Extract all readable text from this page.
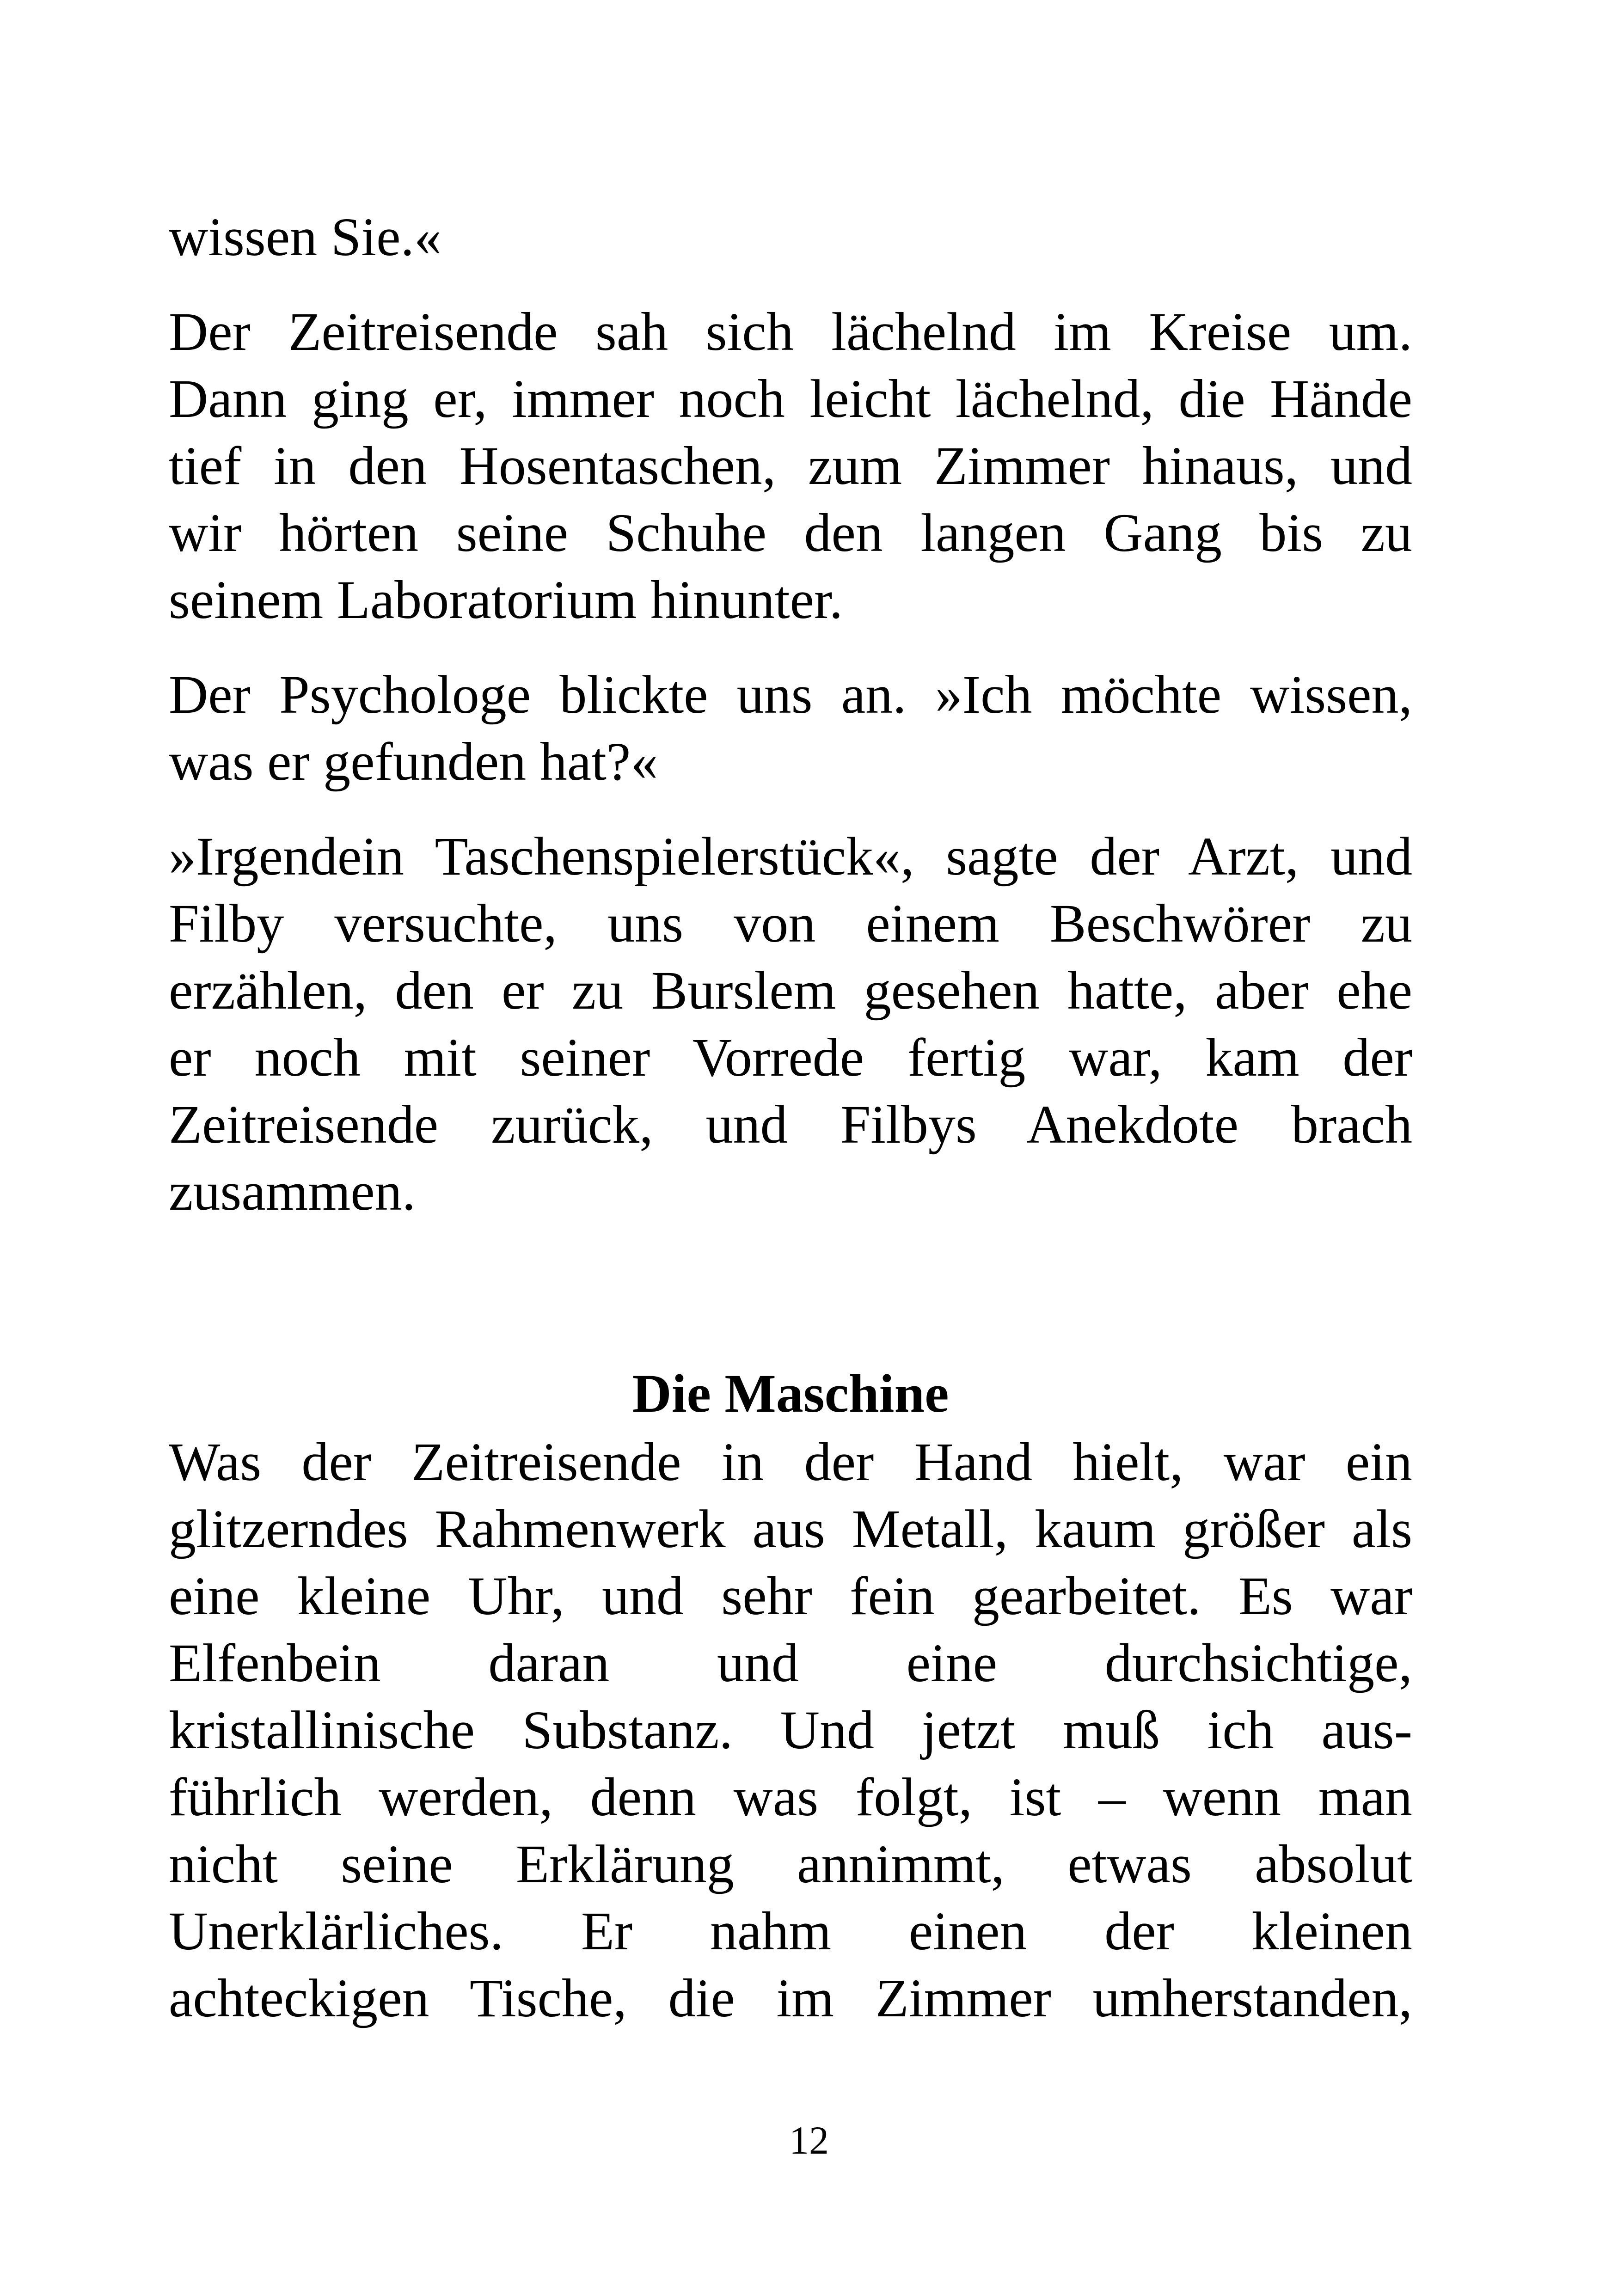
wissen Sie.«
Der Zeitreisende sah sich lächelnd im Kreise um.
Dann ging er, immer noch leicht lächelnd, die Hände
tief in den Hosentaschen, zum Zimmer hinaus, und
wir hörten seine Schuhe den langen Gang bis zu
seinem Laboratorium hinunter.
Der Psychologe blickte uns an. »Ich möchte wissen,
was er gefunden hat?«
»Irgendein Taschenspielerstück«, sagte der Arzt, und
Filby versuchte, uns von einem Beschwörer zu
erzählen, den er zu Burslem gesehen hatte, aber ehe
er noch mit seiner Vorrede fertig war, kam der
Zeitreisende zurück, und Filbys Anekdote brach
zusammen.
Die Maschine
Was der Zeitreisende in der Hand hielt, war ein
glitzerndes Rahmenwerk aus Metall, kaum größer als
eine kleine Uhr, und sehr fein gearbeitet. Es war
Elfenbein daran und eine durchsichtige,
kristallinische Substanz. Und jetzt muß ich aus-
führlich werden, denn was folgt, ist – wenn man
nicht seine Erklärung annimmt, etwas absolut
Unerklärliches. Er nahm einen der kleinen
achteckigen Tische, die im Zimmer umherstanden,
12
